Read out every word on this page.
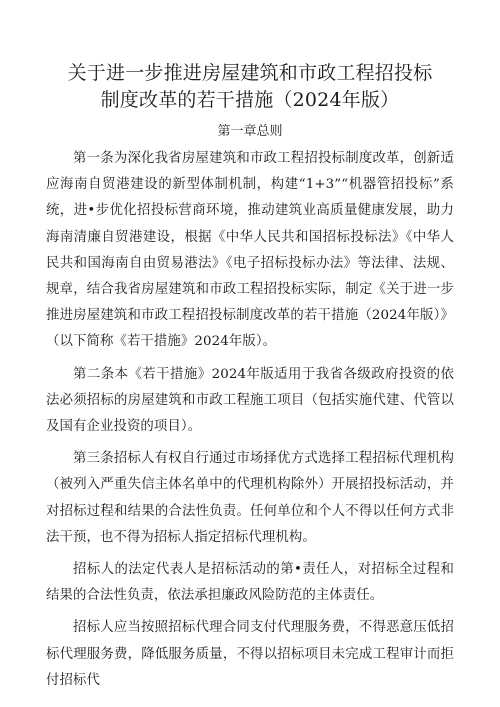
关于进一步推进房屋建筑和市政工程招投标
制度改革的若干措施（2024年版）
第一章总则

第一条为深化我省房屋建筑和市政工程招投标制度改革，创新适应海南自贸港建设的新型体制机制，构建“1+3”“机器管招投标”系统，进•步优化招投标营商环境，推动建筑业高质量健康发展，助力海南清廉自贸港建设，根据《中华人民共和国招标投标法》《中华人民共和国海南自由贸易港法》《电子招标投标办法》等法律、法规、规章，结合我省房屋建筑和市政工程招投标实际，制定《关于进一步推进房屋建筑和市政工程招投标制度改革的若干措施（2024年版）》（以下简称《若干措施》2024年版）。

第二条本《若干措施》2024年版适用于我省各级政府投资的依法必须招标的房屋建筑和市政工程施工项目（包括实施代建、代管以及国有企业投资的项目）。

第三条招标人有权自行通过市场择优方式选择工程招标代理机构（被列入严重失信主体名单中的代理机构除外）开展招投标活动，并对招标过程和结果的合法性负责。任何单位和个人不得以任何方式非法干预，也不得为招标人指定招标代理机构。

招标人的法定代表人是招标活动的第•责任人，对招标全过程和结果的合法性负责，依法承担廉政风险防范的主体责任。

招标人应当按照招标代理合同支付代理服务费，不得恶意压低招标代理服务费，降低服务质量，不得以招标项目未完成工程审计而拒付招标代
